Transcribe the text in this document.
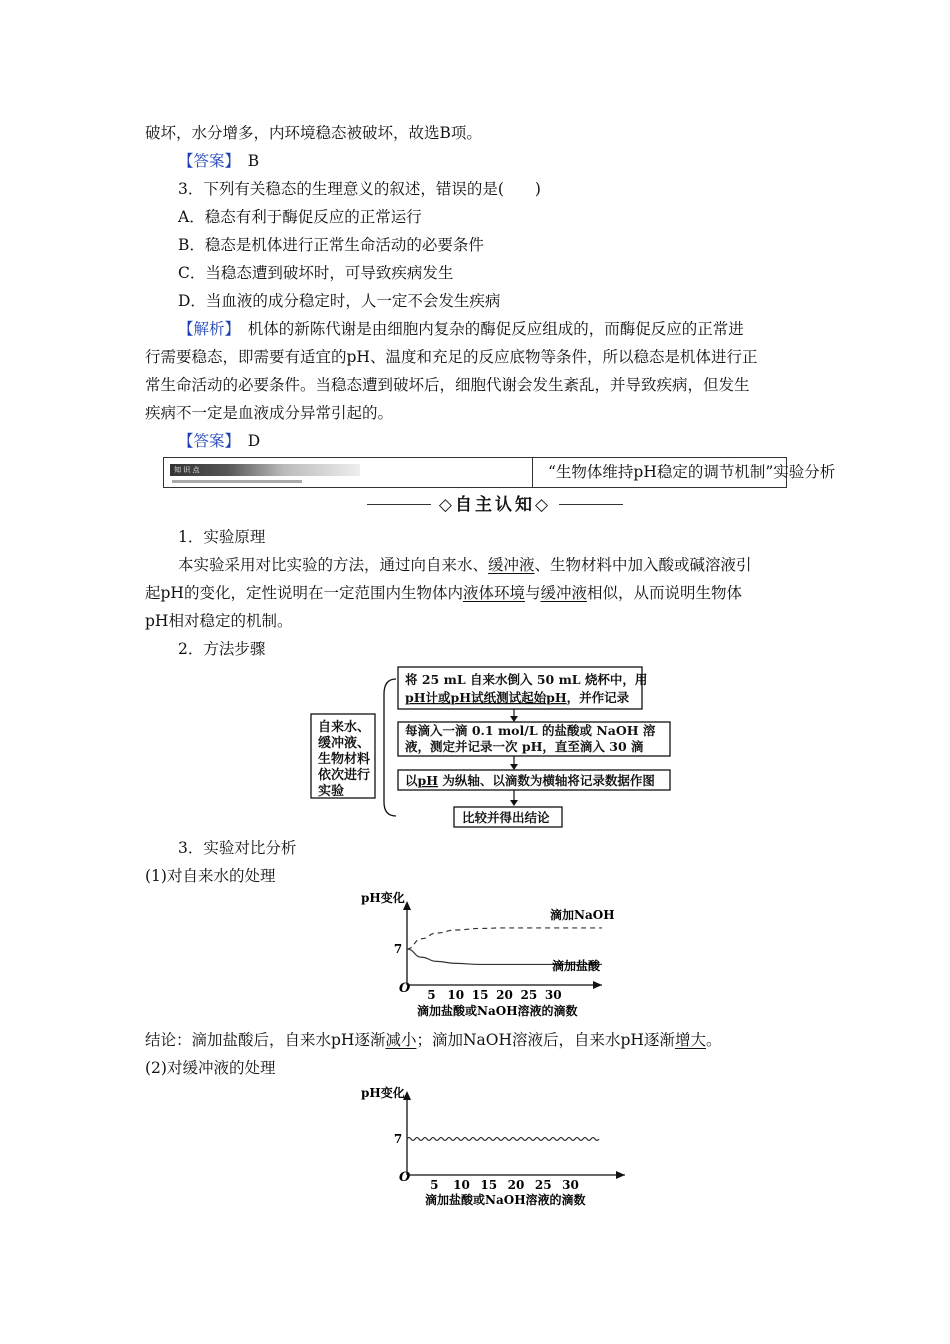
破坏，水分增多，内环境稳态被破坏，故选B项。
【答案】　 B
3．下列有关稳态的生理意义的叙述，错误的是(　　)
A．稳态有利于酶促反应的正常运行
B．稳态是机体进行正常生命活动的必要条件
C．当稳态遭到破坏时，可导致疾病发生
D．当血液的成分稳定时，人一定不会发生疾病
【解析】　机体的新陈代谢是由细胞内复杂的酶促反应组成的，而酶促反应的正常进
行需要稳态，即需要有适宜的pH、温度和充足的反应底物等条件，所以稳态是机体进行正
常生命活动的必要条件。当稳态遭到破坏后，细胞代谢会发生紊乱，并导致疾病，但发生
疾病不一定是血液成分异常引起的。
【答案】　 D
知 识 点	“生物体维持pH稳定的调节机制”实验分析
◇自主认知◇
1．实验原理
本实验采用对比实验的方法，通过向自来水、缓冲液、生物材料中加入酸或碱溶液引
起pH的变化，定性说明在一定范围内生物体内液体环境与缓冲液相似，从而说明生物体
pH相对稳定的机制。
2．方法步骤
自来水、
缓冲液、
生物材料
依次进行
实验
将 25 mL 自来水倒入 50 mL 烧杯中，用
pH计或pH试纸测试起始pH，并作记录
每滴入一滴 0.1 mol/L 的盐酸或 NaOH 溶
液，测定并记录一次 pH，直至滴入 30 滴
以pH 为纵轴、以滴数为横轴将记录数据作图
比较并得出结论
3．实验对比分析
(1)对自来水的处理
pH变化
O
滴加盐酸或NaOH溶液的滴数
5 10 15 20 25 30
7
滴加NaOH
滴加盐酸
结论：滴加盐酸后，自来水pH逐渐减小；滴加NaOH溶液后，自来水pH逐渐增大。
(2)对缓冲液的处理
pH变化
O
滴加盐酸或NaOH溶液的滴数
5 10 15 20 25 30
7
